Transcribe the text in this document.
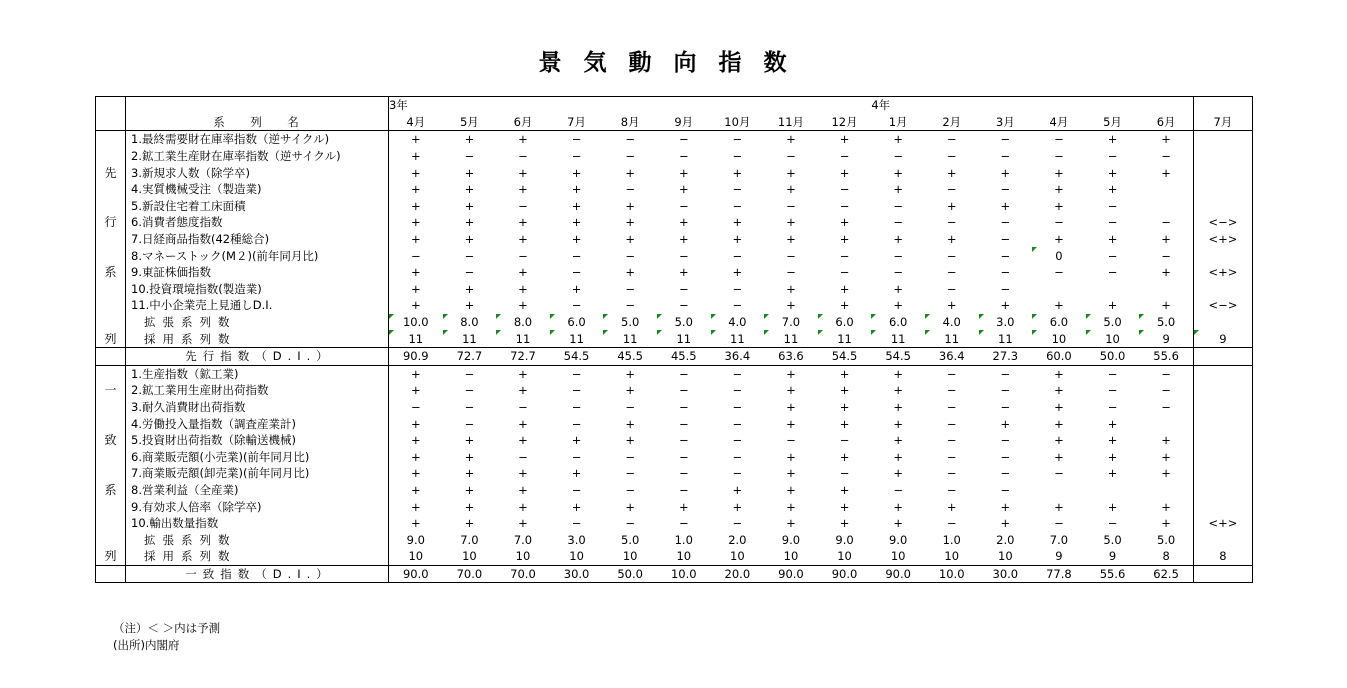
景気動向指数
		3年									4年						
	系　列　名	4月	5月	6月	7月	8月	9月	10月	11月	12月	1月	2月	3月	4月	5月	6月	7月
	1.最終需要財在庫率指数（逆サイクル)	+	+	+	−	−	−	−	+	+	+	−	−	−	+	+	
	2.鉱工業生産財在庫率指数（逆サイクル)	+	−	−	−	−	−	−	−	−	−	−	−	−	−	−	
先	3.新規求人数（除学卒)	+	+	+	+	+	+	+	+	+	+	+	+	+	+	+	
	4.実質機械受注（製造業)	+	+	+	+	−	+	−	+	−	+	−	−	+	+		
	5.新設住宅着工床面積	+	+	−	+	+	−	−	−	−	−	+	+	+	−		
行	6.消費者態度指数	+	+	+	+	+	+	+	+	+	−	−	−	−	−	−	<−>
	7.日経商品指数(42種総合)	+	+	+	+	+	+	+	+	+	+	+	−	+	+	+	<+>
	8.マネーストック(M２)(前年同月比)	−	−	−	−	−	−	−	−	−	−	−	−	0	−	−	
系	9.東証株価指数	+	−	+	−	+	+	+	−	−	−	−	−	−	−	+	<+>
	10.投資環境指数(製造業)	+	+	+	+	−	−	−	+	+	+	−	−				
	11.中小企業売上見通しD.I.	+	+	+	−	−	−	−	+	+	+	+	+	+	+	+	<−>
	拡張系列数	10.0	8.0	8.0	6.0	5.0	5.0	4.0	7.0	6.0	6.0	4.0	3.0	6.0	5.0	5.0	
列	採用系列数	11	11	11	11	11	11	11	11	11	11	11	11	10	10	9	9
	先行指数（D.I.）	90.9	72.7	72.7	54.5	45.5	45.5	36.4	63.6	54.5	54.5	36.4	27.3	60.0	50.0	55.6	
	1.生産指数（鉱工業)	+	−	+	−	+	−	−	+	+	+	−	−	+	−	−	
一	2.鉱工業用生産財出荷指数	+	−	+	−	+	−	−	+	+	+	−	−	+	−	−	
	3.耐久消費財出荷指数	−	−	−	−	−	−	−	+	+	+	−	−	+	−	−	
	4.労働投入量指数（調査産業計)	+	−	+	−	+	−	−	+	+	+	−	+	+	+		
致	5.投資財出荷指数（除輸送機械)	+	+	+	+	+	−	−	−	−	+	−	−	+	+	+	
	6.商業販売額(小売業)(前年同月比)	+	+	−	−	−	−	−	+	+	+	−	−	+	+	+	
	7.商業販売額(卸売業)(前年同月比)	+	+	+	+	−	−	−	+	−	+	−	−	−	+	+	
系	8.営業利益（全産業)	+	+	+	−	−	−	+	+	+	−	−	−				
	9.有効求人倍率（除学卒)	+	+	+	+	+	+	+	+	+	+	+	+	+	+	+	
	10.輸出数量指数	+	+	+	−	−	−	−	+	+	+	−	+	−	−	+	<+>
	拡張系列数	9.0	7.0	7.0	3.0	5.0	1.0	2.0	9.0	9.0	9.0	1.0	2.0	7.0	5.0	5.0	
列	採用系列数	10	10	10	10	10	10	10	10	10	10	10	10	9	9	8	8
	一致指数（D.I.）	90.0	70.0	70.0	30.0	50.0	10.0	20.0	90.0	90.0	90.0	10.0	30.0	77.8	55.6	62.5	
（注）＜ ＞内は予測
(出所)内閣府
